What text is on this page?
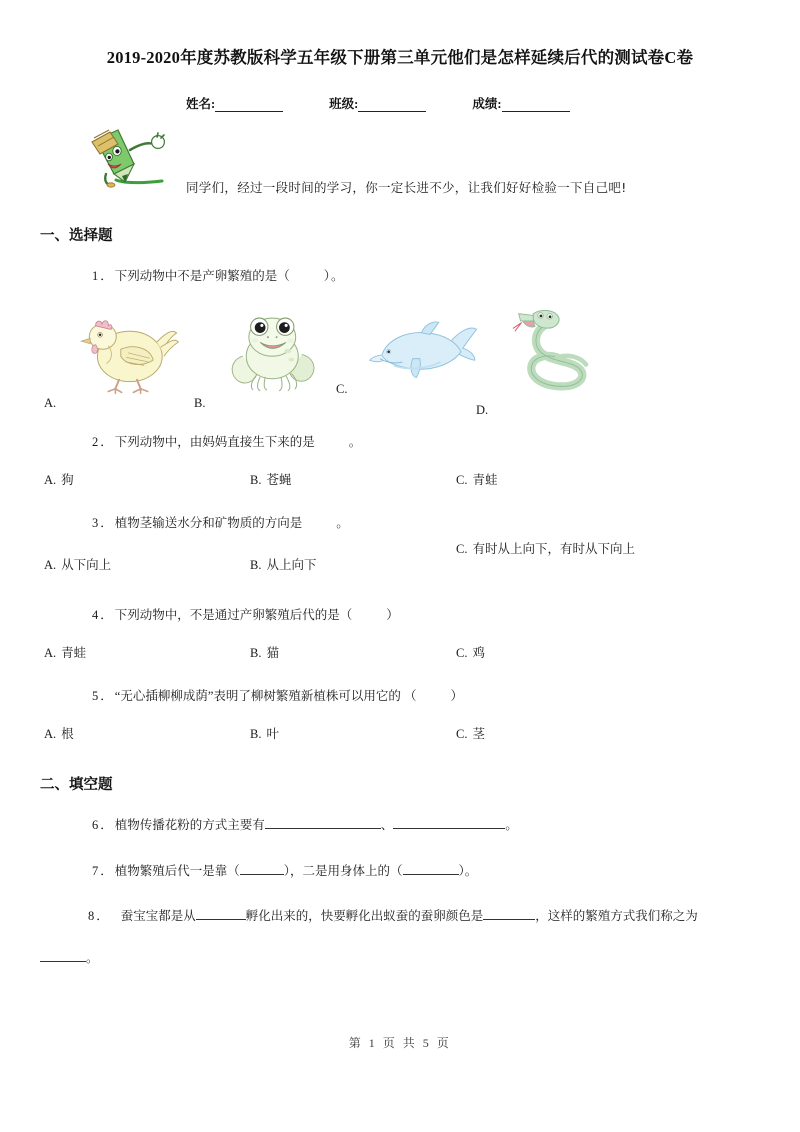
2019-2020年度苏教版科学五年级下册第三单元他们是怎样延续后代的测试卷C卷
姓名:	班级:	成绩:
同学们，经过一段时间的学习，你一定长进不少，让我们好好检验一下自己吧!
一、选择题
1．下列动物中不是产卵繁殖的是（	）。
A.	B.
C.
D.
2．下列动物中，由妈妈直接生下来的是	。
A. 狗	B. 苍蝇	C. 青蛙
3．植物茎输送水分和矿物质的方向是	。
A. 从下向上	B. 从上向下
C. 有时从上向下，有时从下向上
4．下列动物中，不是通过产卵繁殖后代的是（	）
A. 青蛙	B. 猫	C. 鸡
5．“无心插柳柳成荫”表明了柳树繁殖新植株可以用它的 （	）
A. 根	B. 叶	C. 茎
二、填空题
6．植物传播花粉的方式主要有	、	。
7．植物繁殖后代一是靠（	），二是用身体上的（	）。
8． 蚕宝宝都是从	孵化出来的，快要孵化出蚁蚕的蚕卵颜色是	，这样的繁殖方式我们称之为
。
第 1 页 共 5 页
